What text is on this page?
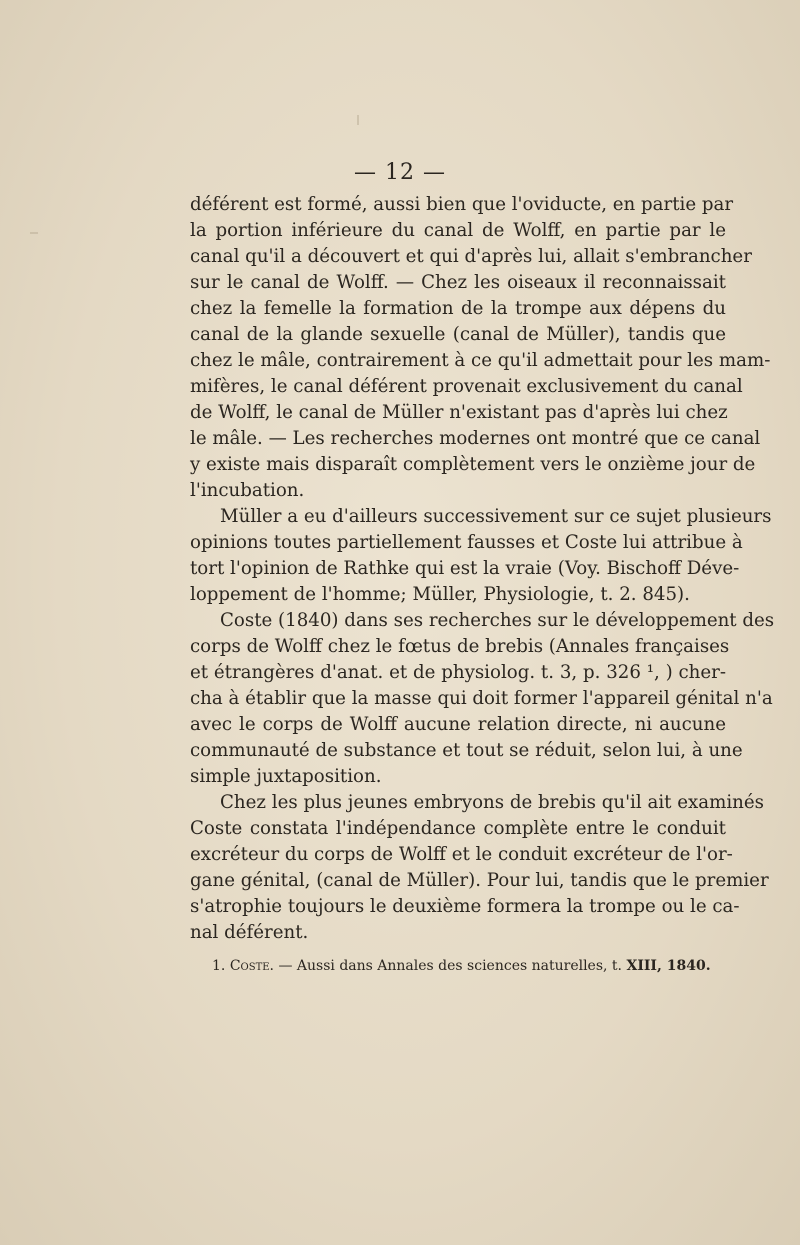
— 12 —
déférent est formé, aussi bien que l'oviducte, en partie par
la portion inférieure du canal de Wolff, en partie par le
canal qu'il a découvert et qui d'après lui, allait s'embrancher
sur le canal de Wolff. — Chez les oiseaux il reconnaissait
chez la femelle la formation de la trompe aux dépens du
canal de la glande sexuelle (canal de Müller), tandis que
chez le mâle, contrairement à ce qu'il admettait pour les mam-
mifères, le canal déférent provenait exclusivement du canal
de Wolff, le canal de Müller n'existant pas d'après lui chez
le mâle. — Les recherches modernes ont montré que ce canal
y existe mais disparaît complètement vers le onzième jour de
l'incubation.
Müller a eu d'ailleurs successivement sur ce sujet plusieurs
opinions toutes partiellement fausses et Coste lui attribue à
tort l'opinion de Rathke qui est la vraie (Voy. Bischoff Déve-
loppement de l'homme; Müller, Physiologie, t. 2. 845).
Coste (1840) dans ses recherches sur le développement des
corps de Wolff chez le fœtus de brebis (Annales françaises
et étrangères d'anat. et de physiolog. t. 3, p. 326 ¹, ) cher-
cha à établir que la masse qui doit former l'appareil génital n'a
avec le corps de Wolff aucune relation directe, ni aucune
communauté de substance et tout se réduit, selon lui, à une
simple juxtaposition.
Chez les plus jeunes embryons de brebis qu'il ait examinés
Coste constata l'indépendance complète entre le conduit
excréteur du corps de Wolff et le conduit excréteur de l'or-
gane génital, (canal de Müller). Pour lui, tandis que le premier
s'atrophie toujours le deuxième formera la trompe ou le ca-
nal déférent.
1. Coste. — Aussi dans Annales des sciences naturelles, t. XIII, 1840.
